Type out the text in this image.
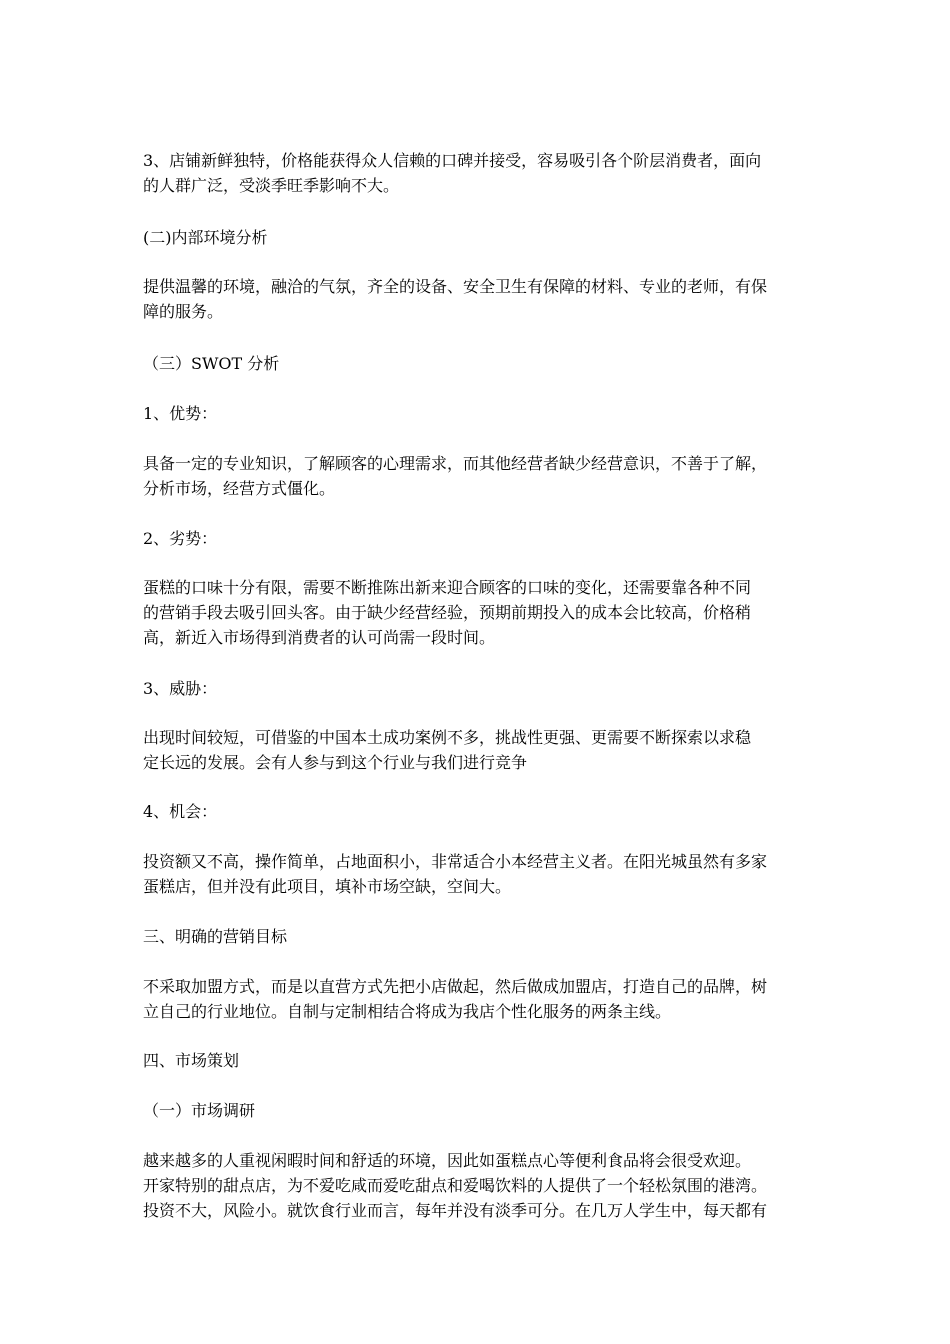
3、店铺新鲜独特，价格能获得众人信赖的口碑并接受，容易吸引各个阶层消费者，面向
的人群广泛，受淡季旺季影响不大。

(二)内部环境分析

提供温馨的环境，融洽的气氛，齐全的设备、安全卫生有保障的材料、专业的老师，有保
障的服务。

（三）SWOT 分析

1、优势：

具备一定的专业知识，了解顾客的心理需求，而其他经营者缺少经营意识，不善于了解，
分析市场，经营方式僵化。

2、劣势：

蛋糕的口味十分有限，需要不断推陈出新来迎合顾客的口味的变化，还需要靠各种不同
的营销手段去吸引回头客。由于缺少经营经验，预期前期投入的成本会比较高，价格稍
高，新近入市场得到消费者的认可尚需一段时间。

3、威胁：

出现时间较短，可借鉴的中国本土成功案例不多，挑战性更强、更需要不断探索以求稳
定长远的发展。会有人参与到这个行业与我们进行竞争

4、机会：

投资额又不高，操作简单，占地面积小，非常适合小本经营主义者。在阳光城虽然有多家
蛋糕店，但并没有此项目，填补市场空缺，空间大。

三、明确的营销目标

不采取加盟方式，而是以直营方式先把小店做起，然后做成加盟店，打造自己的品牌，树
立自己的行业地位。自制与定制相结合将成为我店个性化服务的两条主线。

四、市场策划

（一）市场调研

越来越多的人重视闲暇时间和舒适的环境，因此如蛋糕点心等便利食品将会很受欢迎。
开家特别的甜点店，为不爱吃咸而爱吃甜点和爱喝饮料的人提供了一个轻松氛围的港湾。
投资不大，风险小。就饮食行业而言，每年并没有淡季可分。在几万人学生中，每天都有
